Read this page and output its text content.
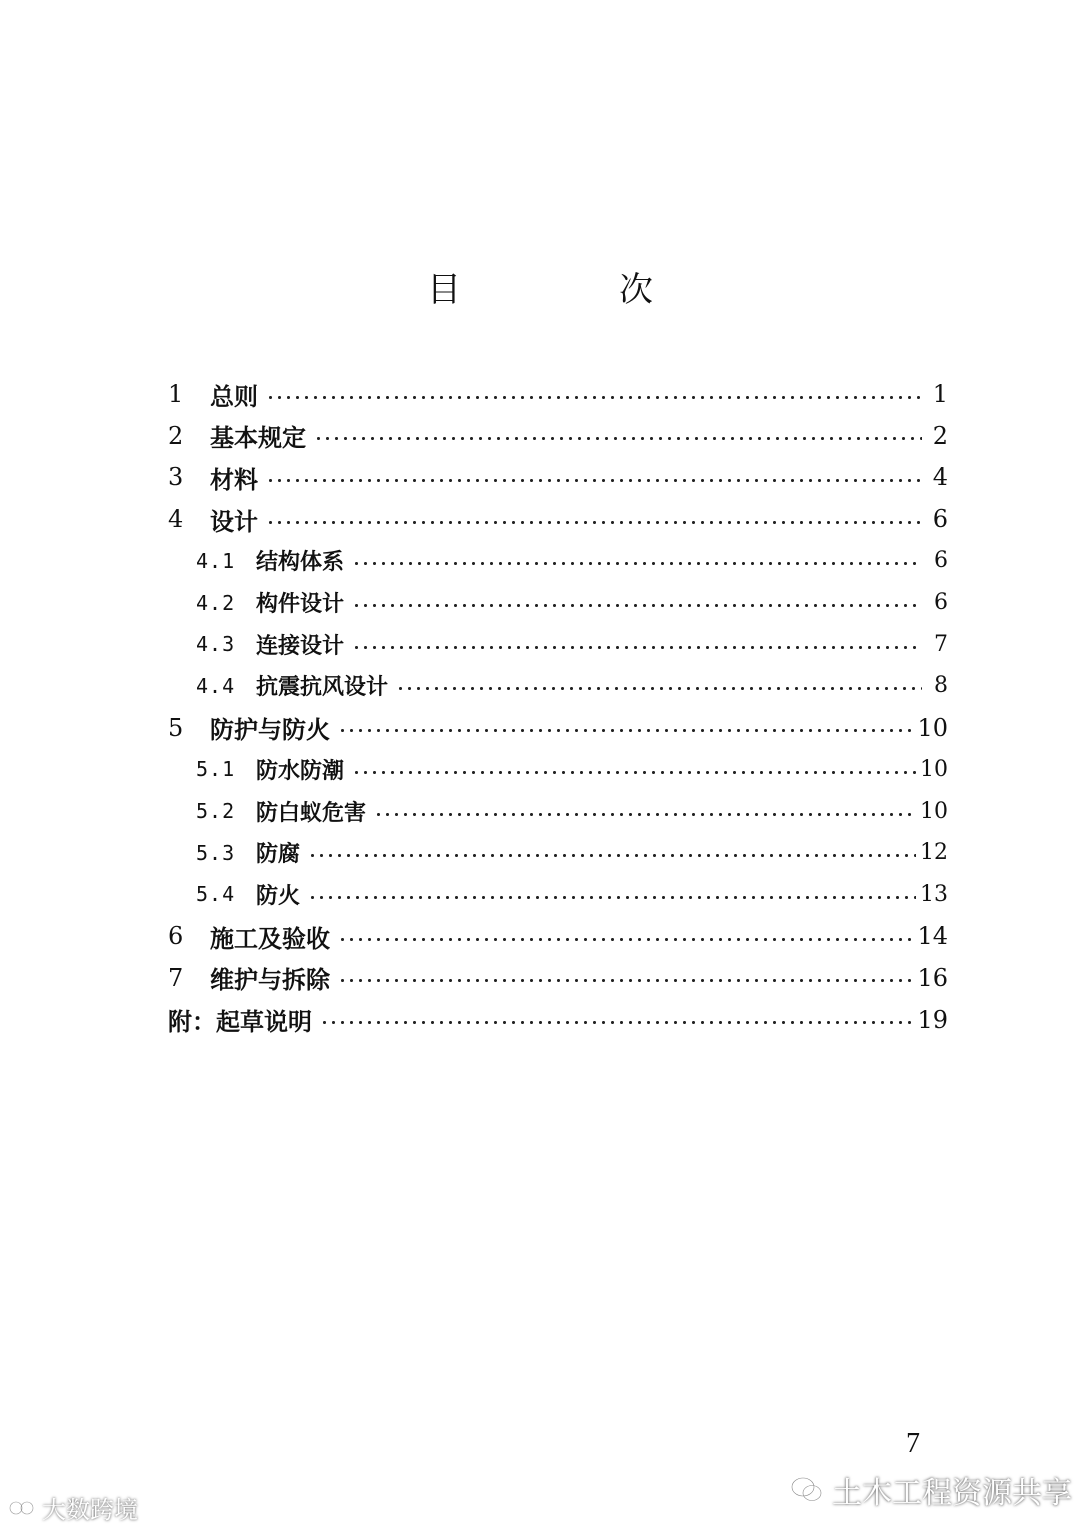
目　次
1	总则	1
2	基本规定	2
3	材料	4
4	设计	6
4.1 结构体系	6
4.2 构件设计	6
4.3 连接设计	7
4.4 抗震抗风设计	8
5	防护与防火	10
5.1 防水防潮	10
5.2 防白蚁危害	10
5.3 防腐	12
5.4 防火	13
6	施工及验收	14
7	维护与拆除	16
附：起草说明	19
7
大数跨境	土木工程资源共享
